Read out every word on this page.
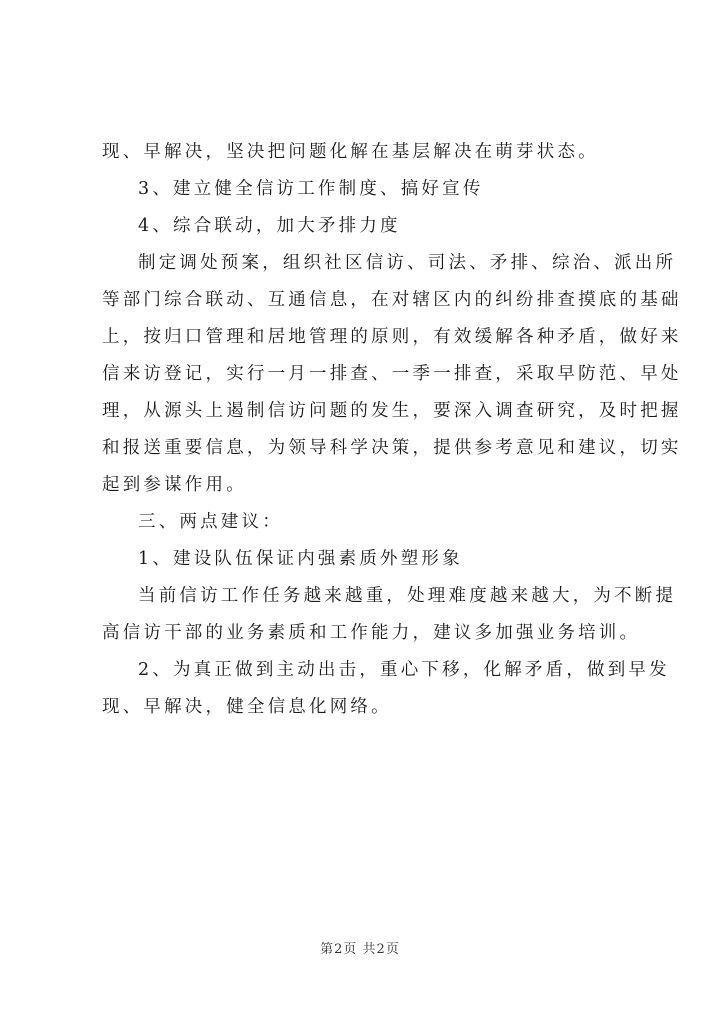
现、早解决，坚决把问题化解在基层解决在萌芽状态。
3、建立健全信访工作制度、搞好宣传
4、综合联动，加大矛排力度
制定调处预案，组织社区信访、司法、矛排、综治、派出所
等部门综合联动、互通信息，在对辖区内的纠纷排查摸底的基础
上，按归口管理和居地管理的原则，有效缓解各种矛盾，做好来
信来访登记，实行一月一排查、一季一排查，采取早防范、早处
理，从源头上遏制信访问题的发生，要深入调查研究，及时把握
和报送重要信息，为领导科学决策，提供参考意见和建议，切实
起到参谋作用。
三、两点建议：
1、建设队伍保证内强素质外塑形象
当前信访工作任务越来越重，处理难度越来越大，为不断提
高信访干部的业务素质和工作能力，建议多加强业务培训。
2、为真正做到主动出击，重心下移，化解矛盾，做到早发
现、早解决，健全信息化网络。
第2页 共2页
